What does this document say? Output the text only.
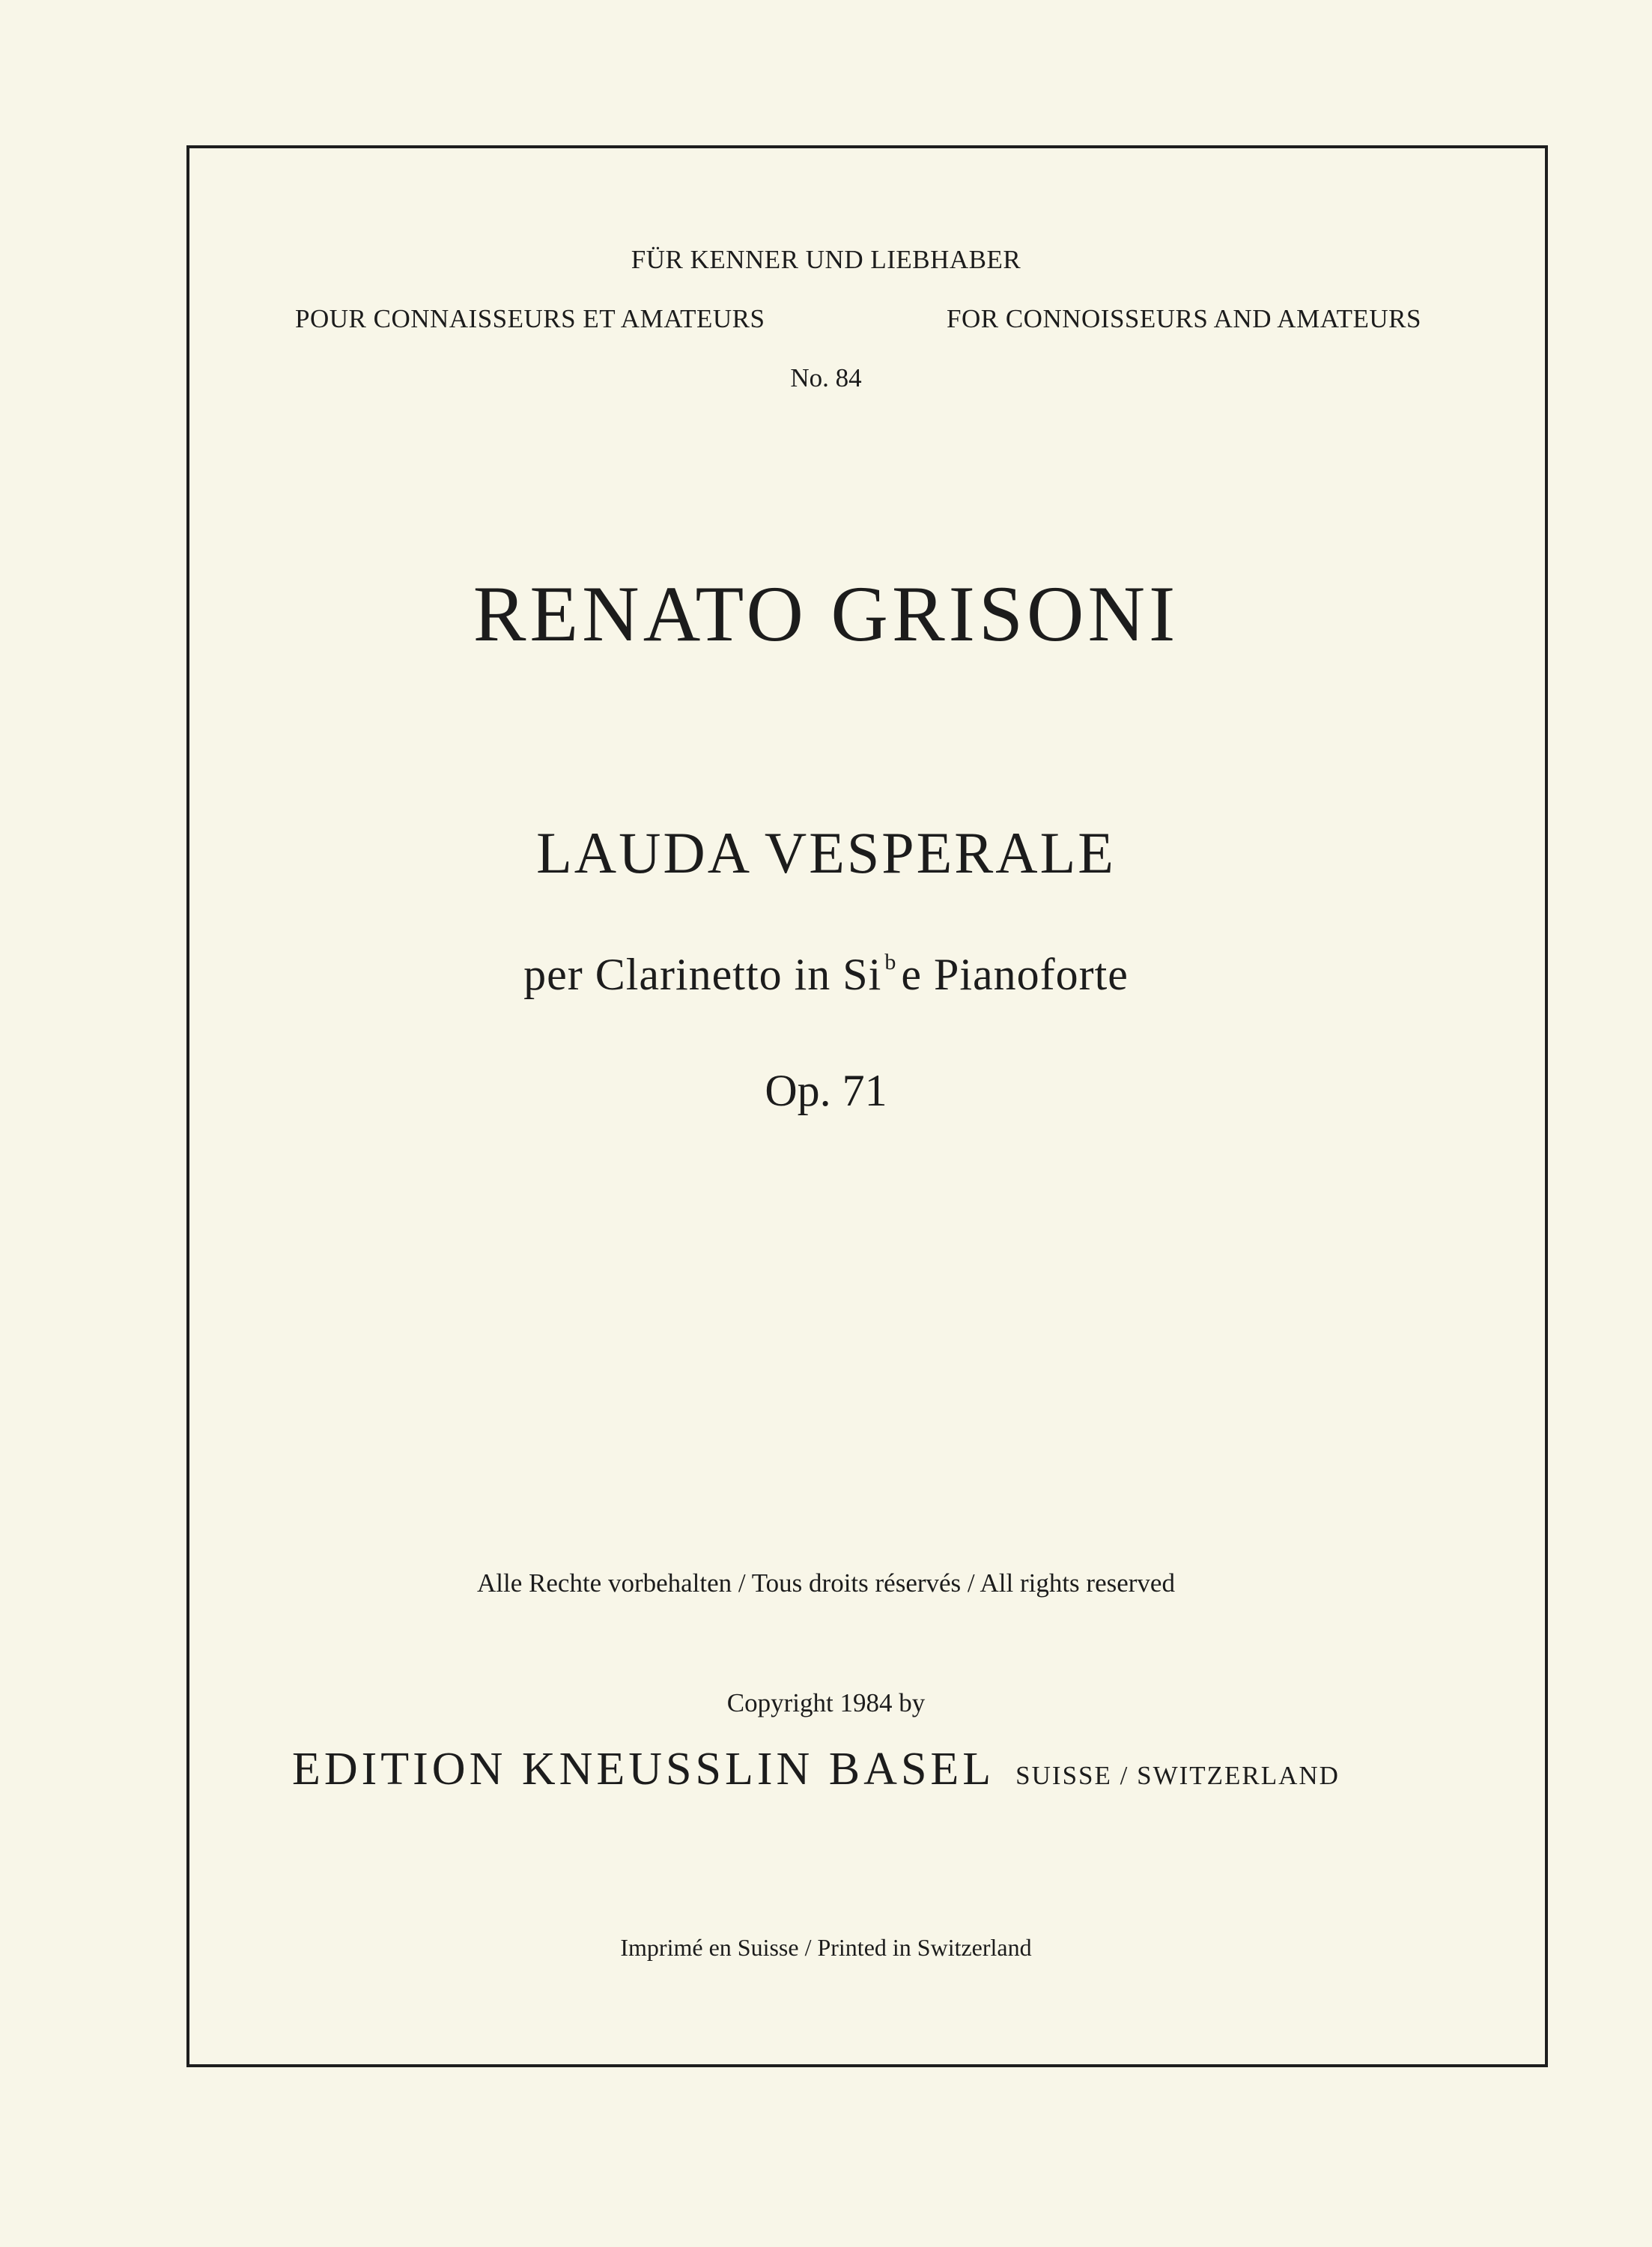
FÜR KENNER UND LIEBHABER
POUR CONNAISSEURS ET AMATEURS	FOR CONNOISSEURS AND AMATEURS
No. 84
RENATO GRISONI
LAUDA VESPERALE
per Clarinetto in Si $^b$ e Pianoforte
Op. 71
Alle Rechte vorbehalten / Tous droits réservés / All rights reserved
Copyright 1984 by
EDITION KNEUSSLIN BASEL SUISSE / SWITZERLAND
Imprimé en Suisse / Printed in Switzerland
